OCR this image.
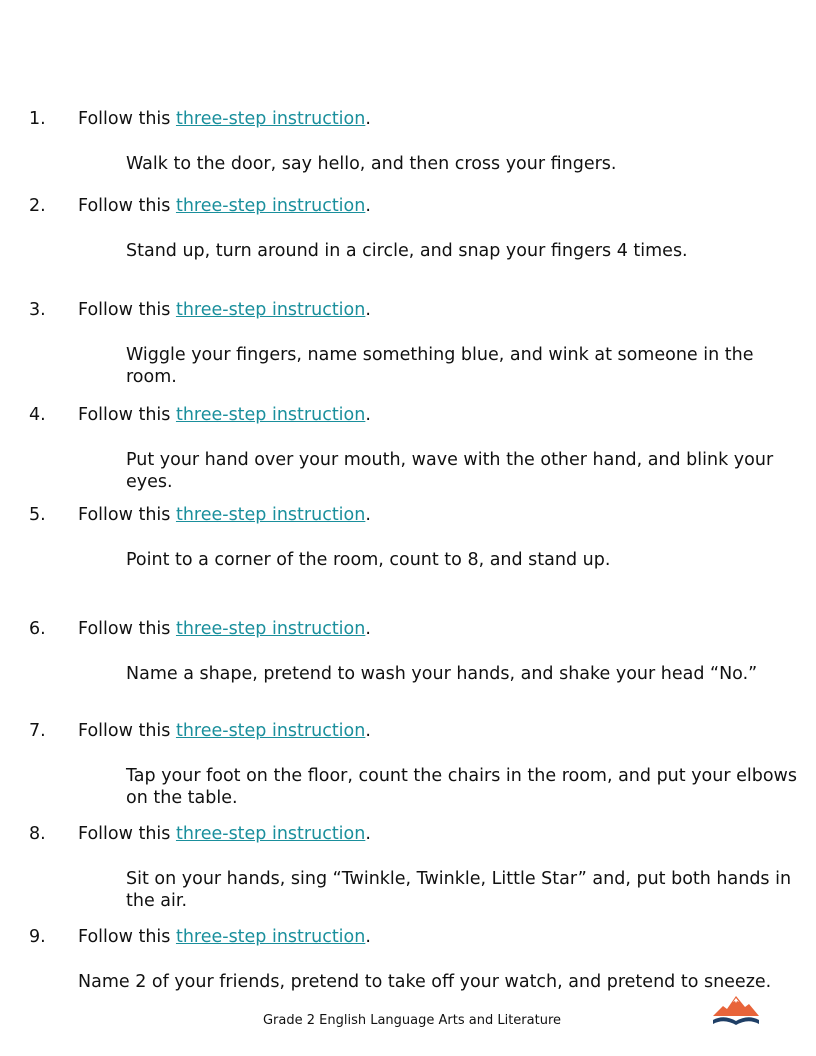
1. Follow this three-step instruction.
Walk to the door, say hello, and then cross your fingers.
2. Follow this three-step instruction.
Stand up, turn around in a circle, and snap your fingers 4 times.
3. Follow this three-step instruction.
Wiggle your fingers, name something blue, and wink at someone in the room.
4. Follow this three-step instruction.
Put your hand over your mouth, wave with the other hand, and blink your eyes.
5. Follow this three-step instruction.
Point to a corner of the room, count to 8, and stand up.
6. Follow this three-step instruction.
Name a shape, pretend to wash your hands, and shake your head “No.”
7. Follow this three-step instruction.
Tap your foot on the floor, count the chairs in the room, and put your elbows on the table.
8. Follow this three-step instruction.
Sit on your hands, sing “Twinkle, Twinkle, Little Star” and, put both hands in the air.
9. Follow this three-step instruction.
Name 2 of your friends, pretend to take off your watch, and pretend to sneeze.
Grade 2 English Language Arts and Literature
